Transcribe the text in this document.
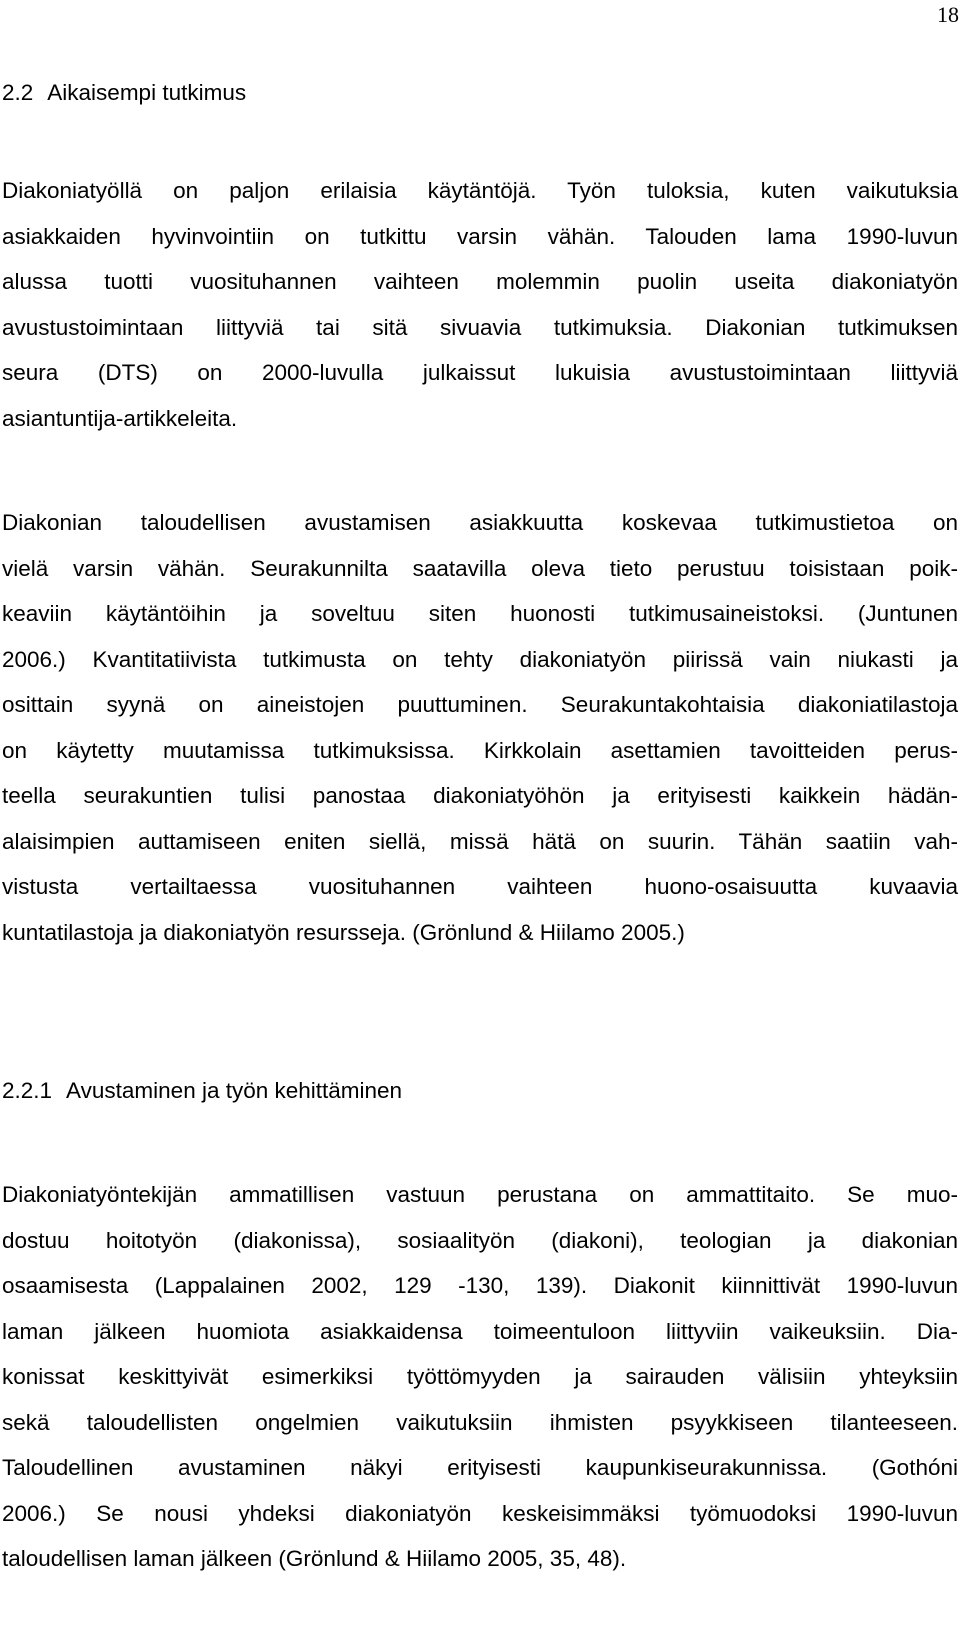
18
2.2 Aikaisempi tutkimus
Diakoniatyöllä on paljon erilaisia käytäntöjä. Työn tuloksia, kuten vaikutuksia
asiakkaiden hyvinvointiin on tutkittu varsin vähän. Talouden lama 1990-luvun
alussa tuotti vuosituhannen vaihteen molemmin puolin useita diakoniatyön
avustustoimintaan liittyviä tai sitä sivuavia tutkimuksia. Diakonian tutkimuksen
seura (DTS) on 2000-luvulla julkaissut lukuisia avustustoimintaan liittyviä
asiantuntija-artikkeleita.
Diakonian taloudellisen avustamisen asiakkuutta koskevaa tutkimustietoa on
vielä varsin vähän. Seurakunnilta saatavilla oleva tieto perustuu toisistaan poik-
keaviin käytäntöihin ja soveltuu siten huonosti tutkimusaineistoksi. (Juntunen
2006.) Kvantitatiivista tutkimusta on tehty diakoniatyön piirissä vain niukasti ja
osittain syynä on aineistojen puuttuminen. Seurakuntakohtaisia diakoniatilastoja
on käytetty muutamissa tutkimuksissa. Kirkkolain asettamien tavoitteiden perus-
teella seurakuntien tulisi panostaa diakoniatyöhön ja erityisesti kaikkein hädän-
alaisimpien auttamiseen eniten siellä, missä hätä on suurin. Tähän saatiin vah-
vistusta vertailtaessa vuosituhannen vaihteen huono-osaisuutta kuvaavia
kuntatilastoja ja diakoniatyön resursseja. (Grönlund & Hiilamo 2005.)
2.2.1 Avustaminen ja työn kehittäminen
Diakoniatyöntekijän ammatillisen vastuun perustana on ammattitaito. Se muo-
dostuu hoitotyön (diakonissa), sosiaalityön (diakoni), teologian ja diakonian
osaamisesta (Lappalainen 2002, 129 -130, 139). Diakonit kiinnittivät 1990-luvun
laman jälkeen huomiota asiakkaidensa toimeentuloon liittyviin vaikeuksiin. Dia-
konissat keskittyivät esimerkiksi työttömyyden ja sairauden välisiin yhteyksiin
sekä taloudellisten ongelmien vaikutuksiin ihmisten psyykkiseen tilanteeseen.
Taloudellinen avustaminen näkyi erityisesti kaupunkiseurakunnissa. (Gothóni
2006.) Se nousi yhdeksi diakoniatyön keskeisimmäksi työmuodoksi 1990-luvun
taloudellisen laman jälkeen (Grönlund & Hiilamo 2005, 35, 48).
